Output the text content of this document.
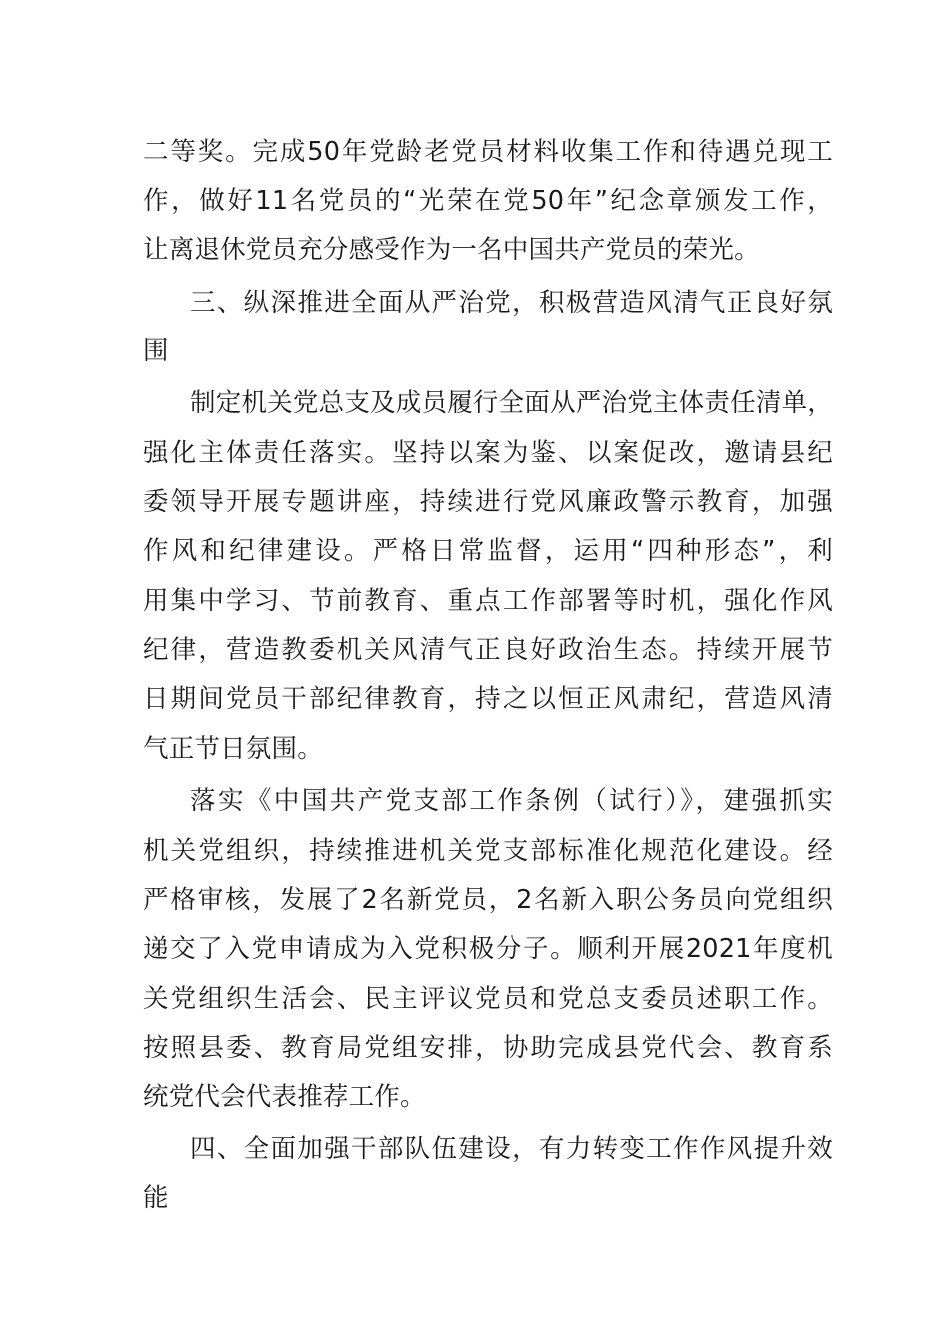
二等奖。完成50年党龄老党员材料收集工作和待遇兑现工
作，做好11名党员的“光荣在党50年”纪念章颁发工作，
让离退休党员充分感受作为一名中国共产党员的荣光。
三、纵深推进全面从严治党，积极营造风清气正良好氛
围
制定机关党总支及成员履行全面从严治党主体责任清单，
强化主体责任落实。坚持以案为鉴、以案促改，邀请县纪
委领导开展专题讲座，持续进行党风廉政警示教育，加强
作风和纪律建设。严格日常监督，运用“四种形态”，利
用集中学习、节前教育、重点工作部署等时机，强化作风
纪律，营造教委机关风清气正良好政治生态。持续开展节
日期间党员干部纪律教育，持之以恒正风肃纪，营造风清
气正节日氛围。
落实《中国共产党支部工作条例（试行）》，建强抓实
机关党组织，持续推进机关党支部标准化规范化建设。经
严格审核，发展了2名新党员，2名新入职公务员向党组织
递交了入党申请成为入党积极分子。顺利开展2021年度机
关党组织生活会、民主评议党员和党总支委员述职工作。
按照县委、教育局党组安排，协助完成县党代会、教育系
统党代会代表推荐工作。
四、全面加强干部队伍建设，有力转变工作作风提升效
能
